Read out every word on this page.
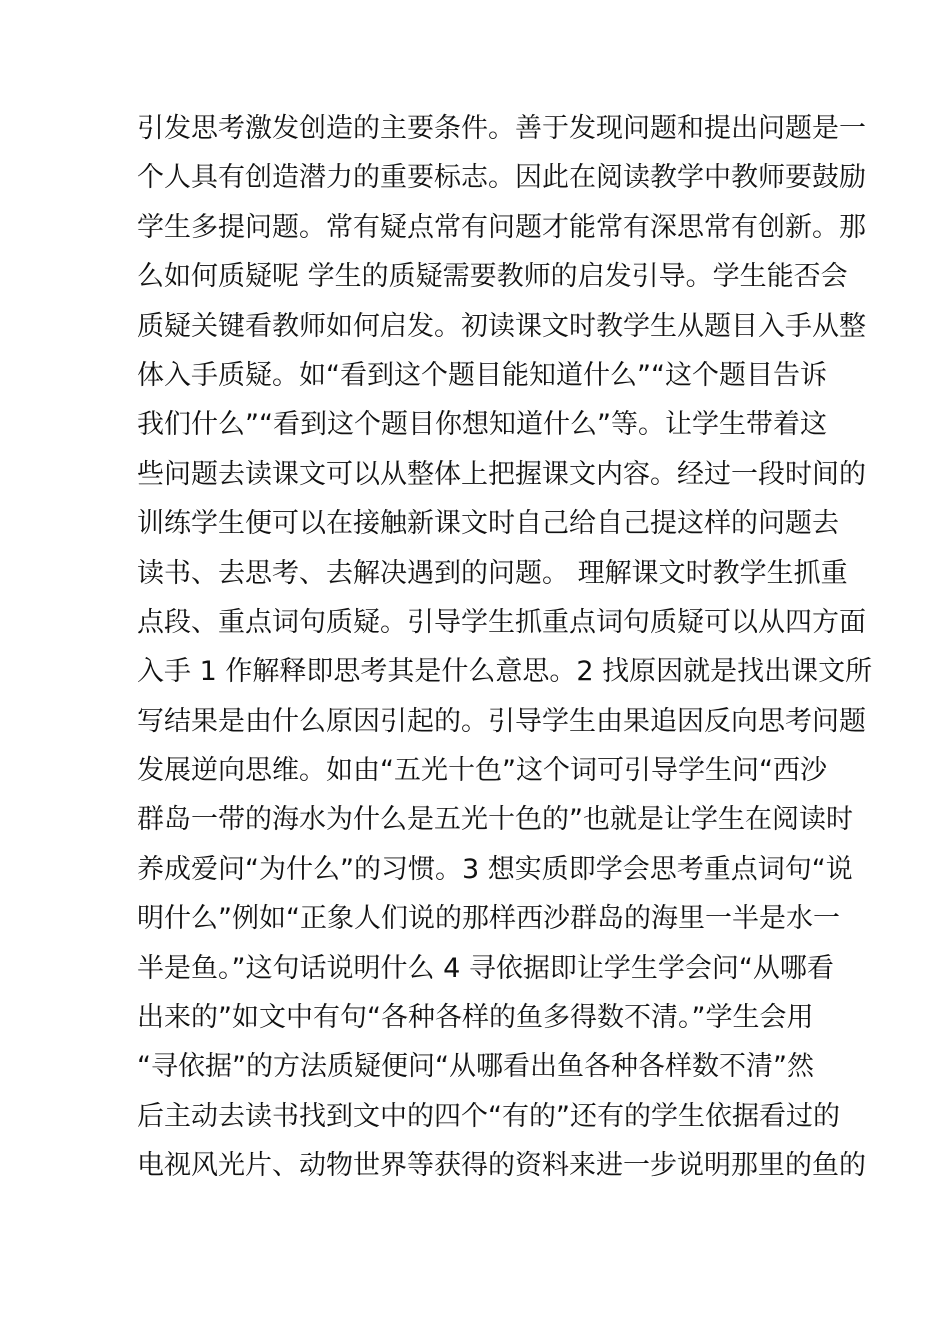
引发思考激发创造的主要条件。善于发现问题和提出问题是一
个人具有创造潜力的重要标志。因此在阅读教学中教师要鼓励
学生多提问题。常有疑点常有问题才能常有深思常有创新。那
么如何质疑呢 学生的质疑需要教师的启发引导。学生能否会
质疑关键看教师如何启发。初读课文时教学生从题目入手从整
体入手质疑。如“看到这个题目能知道什么”“这个题目告诉
我们什么”“看到这个题目你想知道什么”等。让学生带着这
些问题去读课文可以从整体上把握课文内容。经过一段时间的
训练学生便可以在接触新课文时自己给自己提这样的问题去
读书、去思考、去解决遇到的问题。 理解课文时教学生抓重
点段、重点词句质疑。引导学生抓重点词句质疑可以从四方面
入手 1 作解释即思考其是什么意思。2 找原因就是找出课文所
写结果是由什么原因引起的。引导学生由果追因反向思考问题
发展逆向思维。如由“五光十色”这个词可引导学生问“西沙
群岛一带的海水为什么是五光十色的”也就是让学生在阅读时
养成爱问“为什么”的习惯。3 想实质即学会思考重点词句“说
明什么”例如“正象人们说的那样西沙群岛的海里一半是水一
半是鱼。”这句话说明什么 4 寻依据即让学生学会问“从哪看
出来的”如文中有句“各种各样的鱼多得数不清。”学生会用
“寻依据”的方法质疑便问“从哪看出鱼各种各样数不清”然
后主动去读书找到文中的四个“有的”还有的学生依据看过的
电视风光片、动物世界等获得的资料来进一步说明那里的鱼的
